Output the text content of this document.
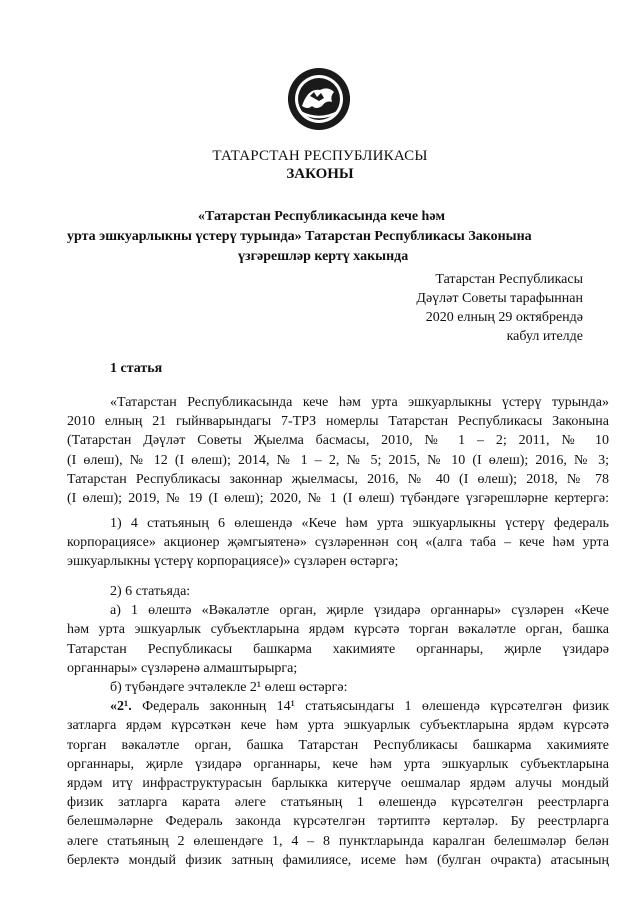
ТАТАРСТАН РЕСПУБЛИКАСЫ
ЗАКОНЫ
«Татарстан Республикасында кече һәм
урта эшкуарлыкны үстерү турында» Татарстан Республикасы Законына
үзгәрешләр кертү хакында
Татарстан Республикасы
Дәүләт Советы тарафыннан
2020 елның 29 октябрендә
кабул ителде
1 статья
«Татарстан Республикасында кече һәм урта эшкуарлыкны үстерү турында»
2010 елның 21 гыйнварындагы 7-ТРЗ номерлы Татарстан Республикасы Законына
(Татарстан Дәүләт Советы Җыелма басмасы, 2010, № 1 – 2; 2011, № 10
(I өлеш), № 12 (I өлеш); 2014, № 1 – 2, № 5; 2015, № 10 (I өлеш); 2016, № 3;
Татарстан Республикасы законнар җыелмасы, 2016, № 40 (I өлеш); 2018, № 78
(I өлеш); 2019, № 19 (I өлеш); 2020, № 1 (I өлеш) түбәндәге үзгәрешләрне кертергә:
1) 4 статьяның 6 өлешендә «Кече һәм урта эшкуарлыкны үстерү федераль
корпорациясе» акционер җәмгыятенә» сүзләреннән соң «(алга таба – кече һәм урта
эшкуарлыкны үстерү корпорациясе)» сүзләрен өстәргә;
2) 6 статьяда:
а) 1 өлештә «Вәкаләтле орган, җирле үзидарә органнары» сүзләрен «Кече
һәм урта эшкуарлык субъектларына ярдәм күрсәтә торган вәкаләтле орган, башка
Татарстан Республикасы башкарма хакимияте органнары, җирле үзидарә
органнары» сүзләренә алмаштырырга;
б) түбәндәге эчтәлекле 2¹ өлеш өстәргә:
«2¹. Федераль законның 14¹ статьясындагы 1 өлешендә күрсәтелгән физик
затларга ярдәм күрсәткән кече һәм урта эшкуарлык субъектларына ярдәм күрсәтә
торган вәкаләтле орган, башка Татарстан Республикасы башкарма хакимияте
органнары, җирле үзидарә органнары, кече һәм урта эшкуарлык субъектларына
ярдәм итү инфраструктурасын барлыкка китерүче оешмалар ярдәм алучы мондый
физик затларга карата әлеге статьяның 1 өлешендә күрсәтелгән реестрларга
белешмәләрне Федераль законда күрсәтелгән тәртиптә кертәләр. Бу реестрларга
әлеге статьяның 2 өлешендәге 1, 4 – 8 пунктларында каралган белешмәләр белән
берлектә мондый физик затның фамилиясе, исеме һәм (булган очракта) атасының
